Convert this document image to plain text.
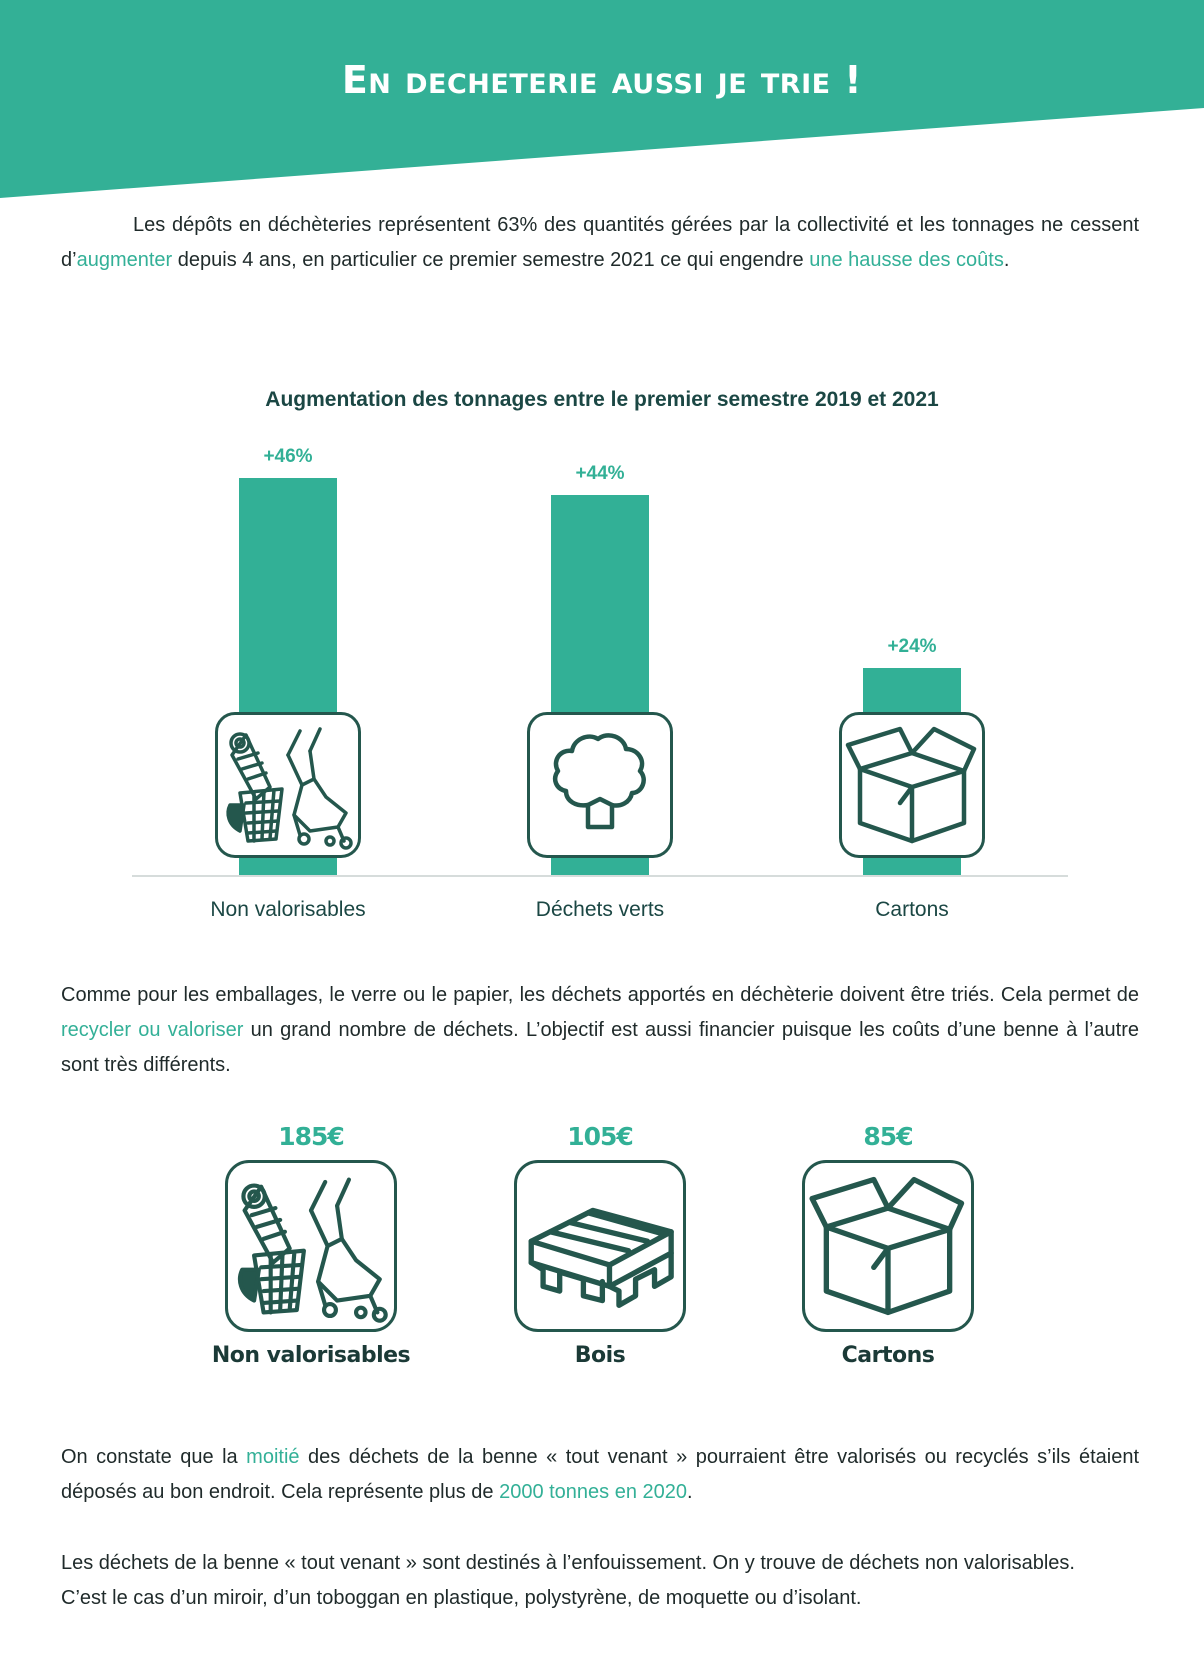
En decheterie aussi je trie !
Les dépôts en déchèteries représentent 63% des quantités gérées par la collectivité et les tonnages ne cessent d’augmenter depuis 4 ans, en particulier ce premier semestre 2021 ce qui engendre une hausse des coûts.
Augmentation des tonnages entre le premier semestre 2019 et 2021
+46%
Non valorisables
+44%
Déchets verts
+24%
Cartons
Comme pour les emballages, le verre ou le papier, les déchets apportés en déchèterie doivent être triés. Cela permet de recycler ou valoriser un grand nombre de déchets. L’objectif est aussi financier puisque les coûts d’une benne à l’autre sont très différents.
185€
Non valorisables
105€
Bois
85€
Cartons
On constate que la moitié des déchets de la benne « tout venant » pourraient être valorisés ou recyclés s’ils étaient déposés au bon endroit. Cela représente plus de 2000 tonnes en 2020.
Les déchets de la benne « tout venant » sont destinés à l’enfouissement. On y trouve de déchets non valorisables.
C’est le cas d’un miroir, d’un toboggan en plastique, polystyrène, de moquette ou d’isolant.
